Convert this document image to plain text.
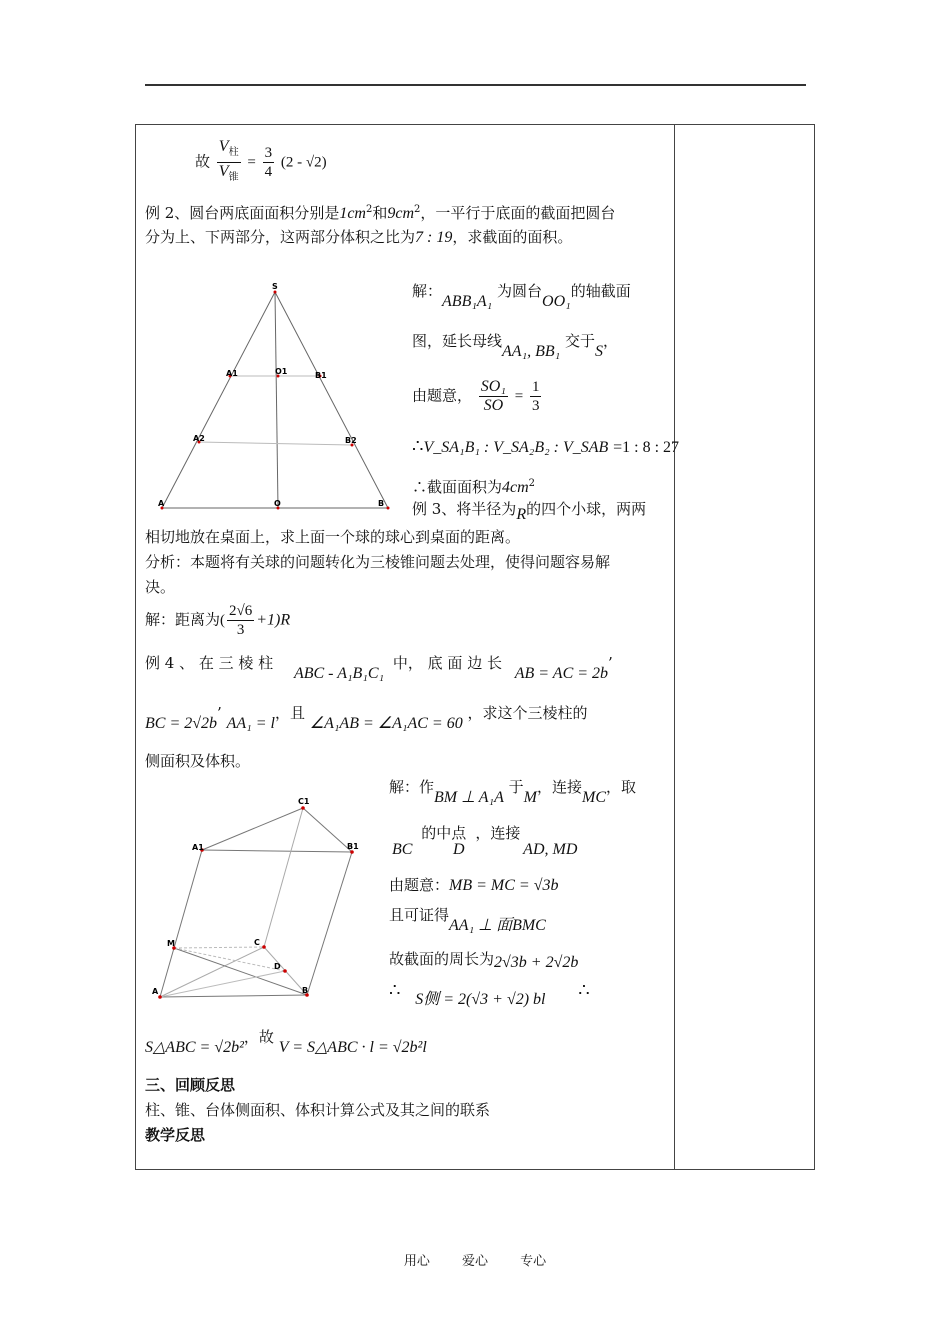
故 $\frac{V_柱}{V_锥} = \frac{3}{4} (2 - √2)$
例 2、圆台两底面面积分别是$1cm^2$和$9cm^2$，一平行于底面的截面把圆台
分为上、下两部分，这两部分体积之比为7 : 19，求截面的面积。
S
A1	O1	B1
A2	B2
A	O	B
解：ABB₁A₁ 为圆台OO₁的轴截面
图，延长母线AA₁, BB₁ 交于S，
由题意， $\frac{\text{SO₁}}{SO} = \frac{1}{3}$
∴V_SA₁B₁ : V_SA₂B₂ : V_SAB =1 : 8 : 27
∴截面面积为$4cm^2$
例 3、将半径为R的四个小球，两两
相切地放在桌面上，求上面一个球的球心到桌面的距离。
分析：本题将有关球的问题转化为三棱锥问题去处理，使得问题容易解
决。
解：距离为( $\frac{2√6}{3} +1)R$
例 4 、 在 三 棱 柱 ABC - A₁B₁C₁ 中， 底 面 边 长 AB = AC = 2b’
BC = 2√2b’ AA₁ = l，且 ∠A₁AB = ∠A₁AC = 60 ，求这个三棱柱的
侧面积及体积。
C1
A1	B1
M	C
D
A	B
解：作BM ⊥ A₁A 于M，连接MC，取
BC 的中点 D ，连接 AD, MD
由题意：MB = MC = √3b
且可证得AA₁ ⊥ 面BMC
故截面的周长为2√3b + 2√2b
∴ S侧 = 2(√3 + √2) bl ∴
S△ABC = √2b²，故 V = S△ABC · l = √2b²l
三、回顾反思
柱、锥、台体侧面积、体积计算公式及其之间的联系
教学反思
用心 爱心 专心
